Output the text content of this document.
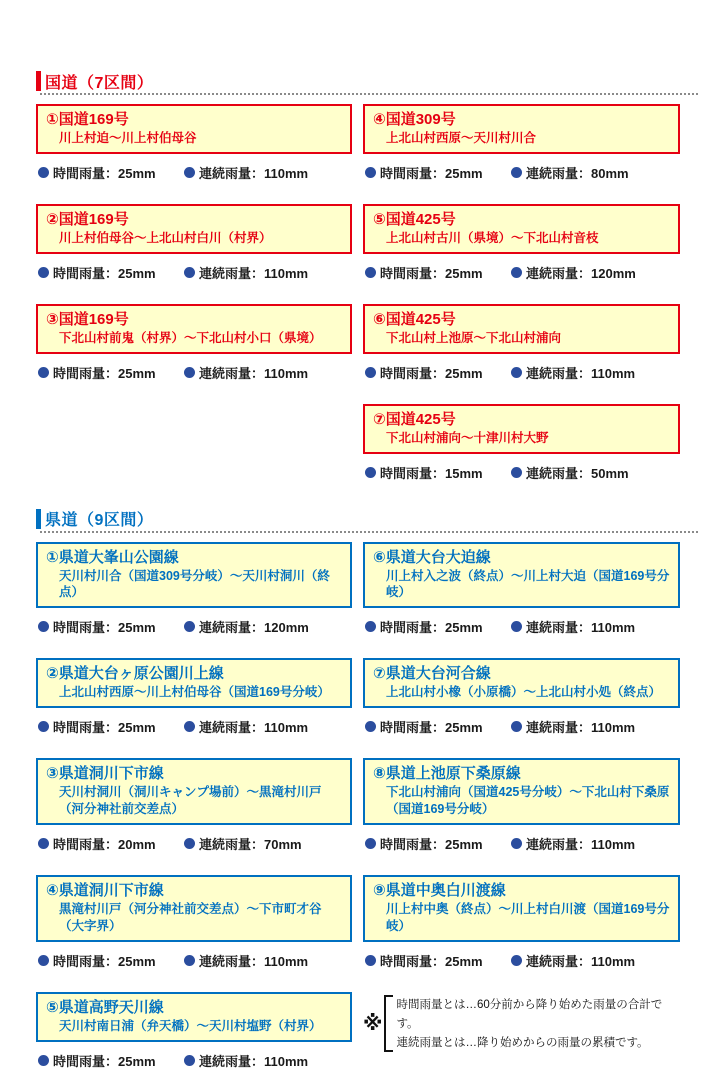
国道（7区間）
①国道169号
川上村迫～川上村伯母谷
時間雨量：25mm	連続雨量：110mm
④国道309号
上北山村西原～天川村川合
時間雨量：25mm	連続雨量：80mm
②国道169号
川上村伯母谷～上北山村白川（村界）
時間雨量：25mm	連続雨量：110mm
⑤国道425号
上北山村古川（県境）～下北山村音枝
時間雨量：25mm	連続雨量：120mm
③国道169号
下北山村前鬼（村界）～下北山村小口（県境）
時間雨量：25mm	連続雨量：110mm
⑥国道425号
下北山村上池原～下北山村浦向
時間雨量：25mm	連続雨量：110mm
⑦国道425号
下北山村浦向～十津川村大野
時間雨量：15mm	連続雨量：50mm
県道（9区間）
①県道大峯山公園線
天川村川合（国道309号分岐）～天川村洞川（終点）
時間雨量：25mm	連続雨量：120mm
⑥県道大台大迫線
川上村入之波（終点）～川上村大迫（国道169号分岐）
時間雨量：25mm	連続雨量：110mm
②県道大台ヶ原公園川上線
上北山村西原～川上村伯母谷（国道169号分岐）
時間雨量：25mm	連続雨量：110mm
⑦県道大台河合線
上北山村小橡（小原橋）～上北山村小処（終点）
時間雨量：25mm	連続雨量：110mm
③県道洞川下市線
天川村洞川（洞川キャンプ場前）～黒滝村川戸（河分神社前交差点）
時間雨量：20mm	連続雨量：70mm
⑧県道上池原下桑原線
下北山村浦向（国道425号分岐）～下北山村下桑原（国道169号分岐）
時間雨量：25mm	連続雨量：110mm
④県道洞川下市線
黒滝村川戸（河分神社前交差点）～下市町才谷（大字界）
時間雨量：25mm	連続雨量：110mm
⑨県道中奥白川渡線
川上村中奥（終点）～川上村白川渡（国道169号分岐）
時間雨量：25mm	連続雨量：110mm
⑤県道高野天川線
天川村南日浦（弁天橋）～天川村塩野（村界）
時間雨量：25mm	連続雨量：110mm
※
時間雨量とは…60分前から降り始めた雨量の合計です。
連続雨量とは…降り始めからの雨量の累積です。
